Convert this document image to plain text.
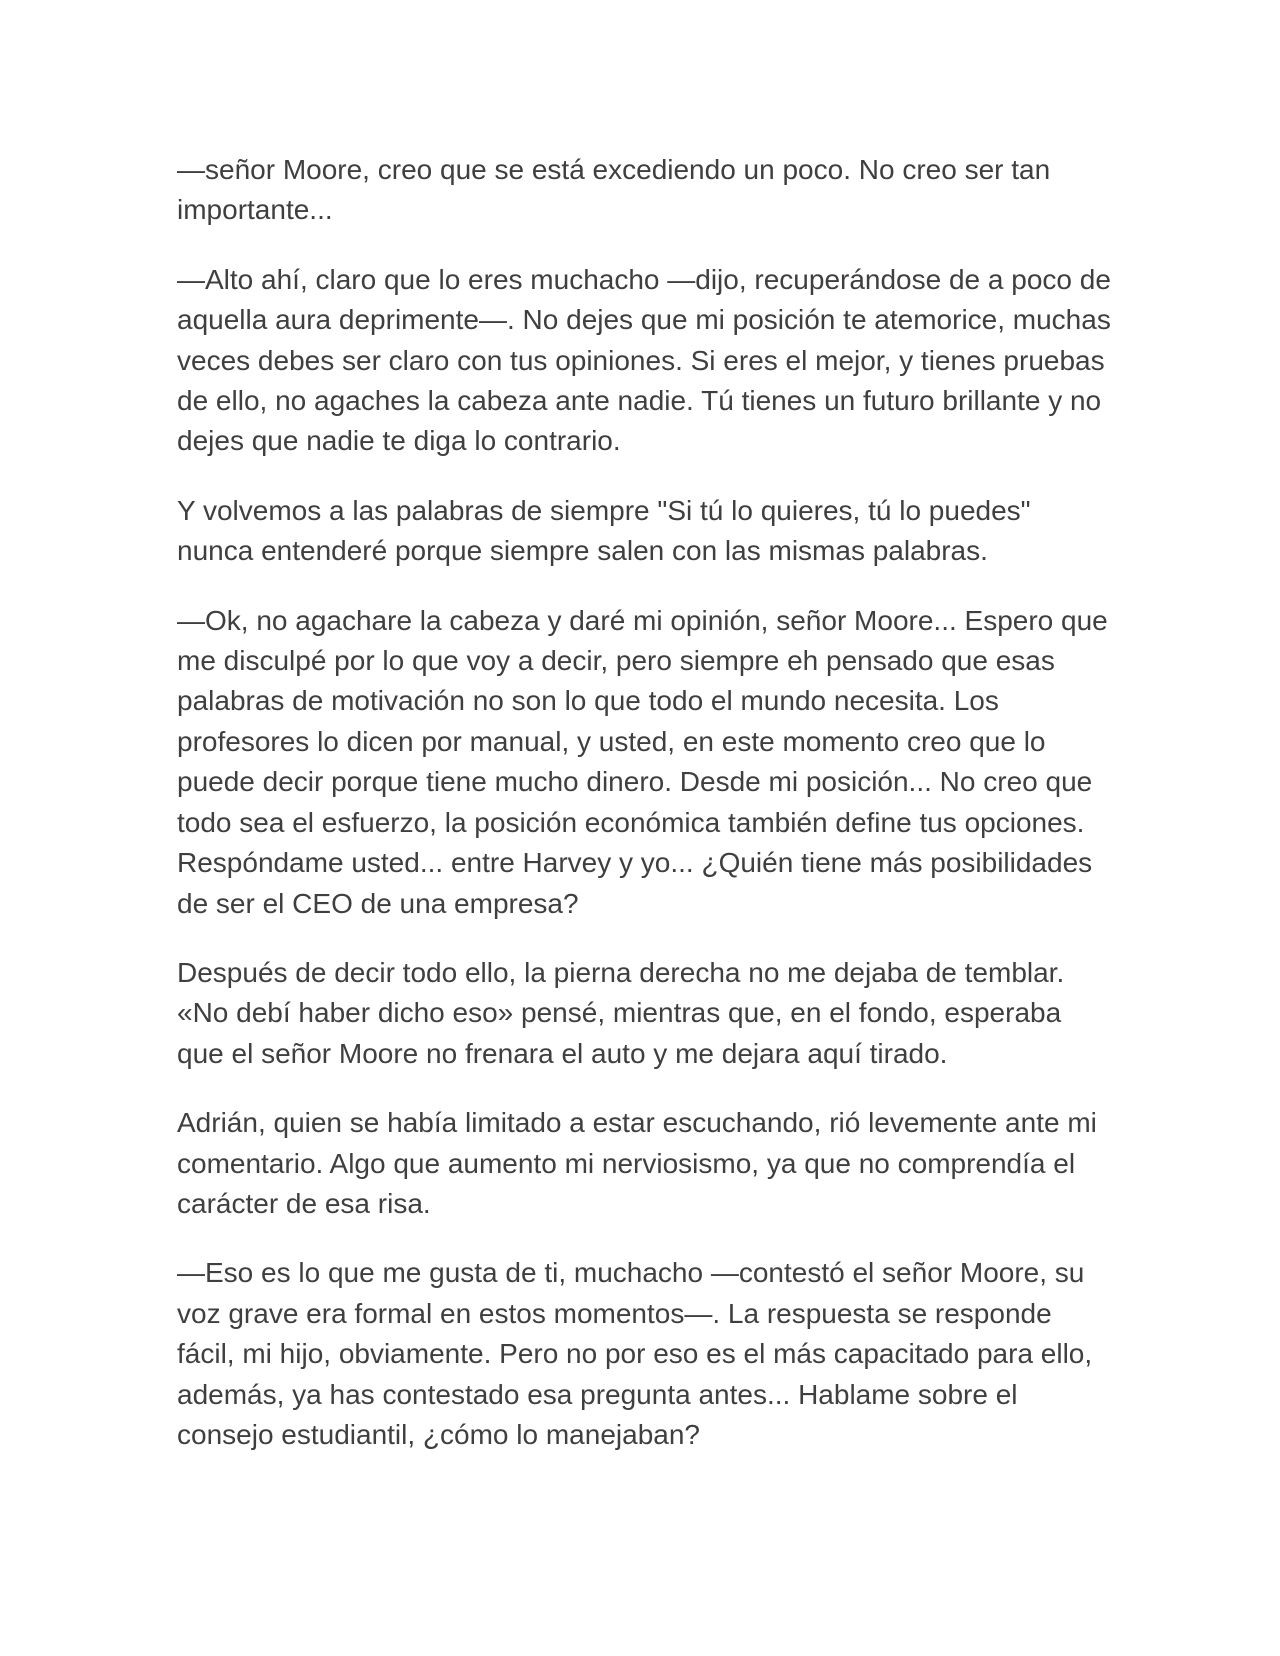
—señor Moore, creo que se está excediendo un poco. No creo ser tan importante...

—Alto ahí, claro que lo eres muchacho —dijo, recuperándose de a poco de aquella aura deprimente—. No dejes que mi posición te atemorice, muchas veces debes ser claro con tus opiniones. Si eres el mejor, y tienes pruebas de ello, no agaches la cabeza ante nadie. Tú tienes un futuro brillante y no dejes que nadie te diga lo contrario.

Y volvemos a las palabras de siempre "Si tú lo quieres, tú lo puedes" nunca entenderé porque siempre salen con las mismas palabras.

—Ok, no agachare la cabeza y daré mi opinión, señor Moore... Espero que me disculpé por lo que voy a decir, pero siempre eh pensado que esas palabras de motivación no son lo que todo el mundo necesita. Los profesores lo dicen por manual, y usted, en este momento creo que lo puede decir porque tiene mucho dinero. Desde mi posición... No creo que todo sea el esfuerzo, la posición económica también define tus opciones. Respóndame usted... entre Harvey y yo... ¿Quién tiene más posibilidades de ser el CEO de una empresa?

Después de decir todo ello, la pierna derecha no me dejaba de temblar. «No debí haber dicho eso» pensé, mientras que, en el fondo, esperaba que el señor Moore no frenara el auto y me dejara aquí tirado.

Adrián, quien se había limitado a estar escuchando, rió levemente ante mi comentario. Algo que aumento mi nerviosismo, ya que no comprendía el carácter de esa risa.

—Eso es lo que me gusta de ti, muchacho —contestó el señor Moore, su voz grave era formal en estos momentos—. La respuesta se responde fácil, mi hijo, obviamente. Pero no por eso es el más capacitado para ello, además, ya has contestado esa pregunta antes... Hablame sobre el consejo estudiantil, ¿cómo lo manejaban?
